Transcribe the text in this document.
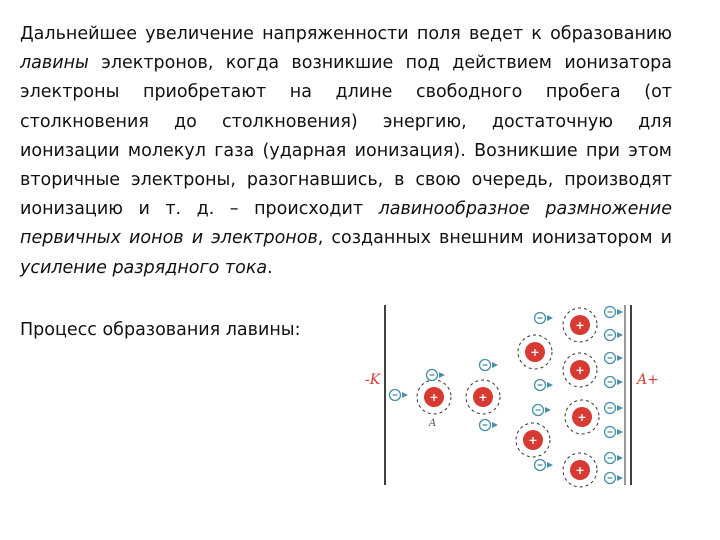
Дальнейшее увеличение напряженности поля ведет к образованию лавины электронов, когда возникшие под действием ионизатора электроны приобретают на длине свободного пробега (от столкновения до столкновения) энергию, достаточную для ионизации молекул газа (ударная ионизация). Возникшие при этом вторичные электроны, разогнавшись, в свою очередь, производят ионизацию и т. д. – происходит лавинообразное размножение первичных ионов и электронов, созданных внешним ионизатором и усиление разрядного тока.

Процесс образования лавины:

-K	A+
A
+	+
+
+
+
+
+
+
